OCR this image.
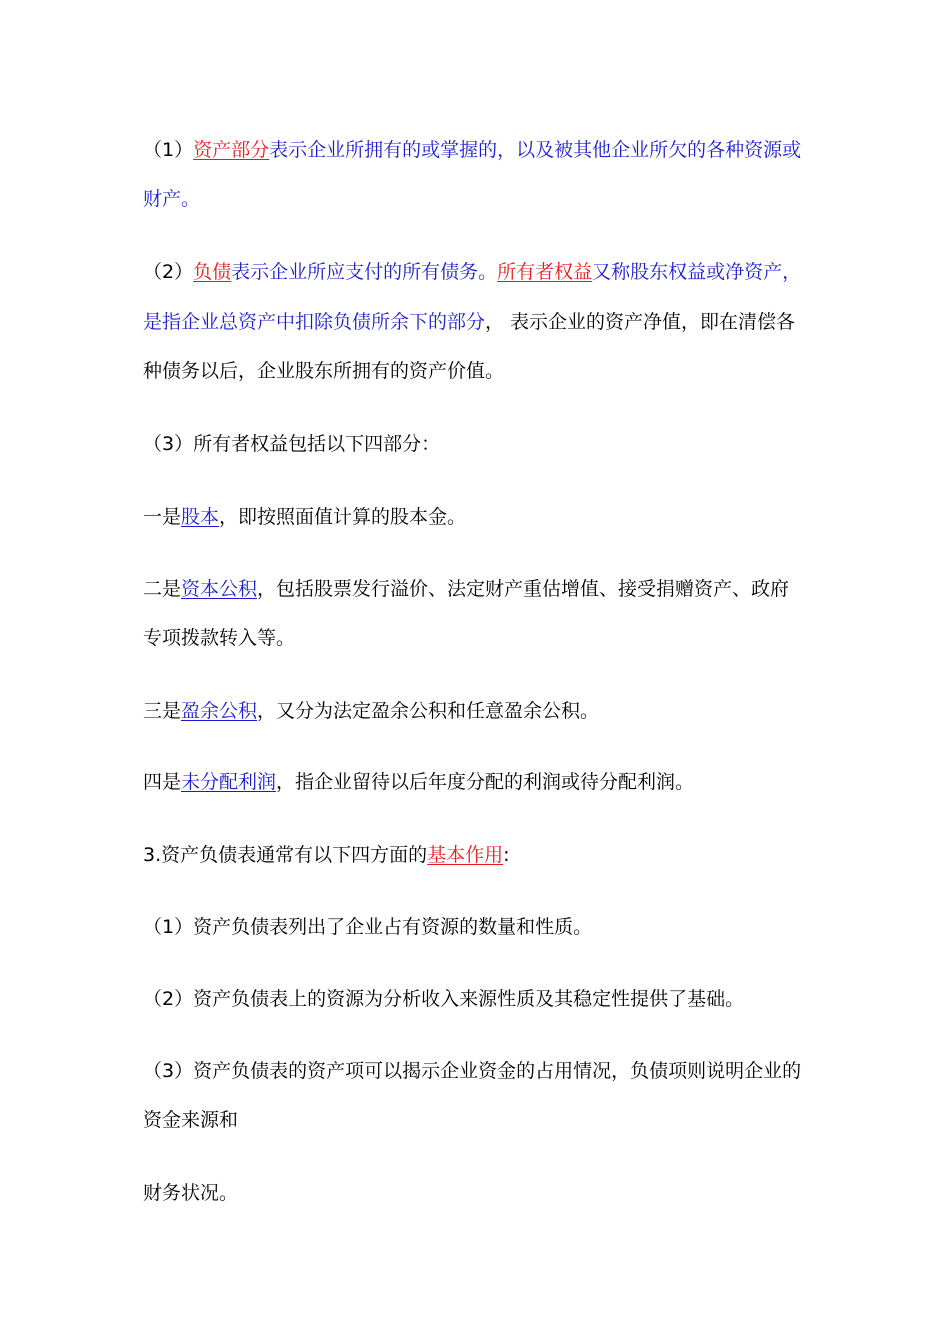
（1）资产部分表示企业所拥有的或掌握的，以及被其他企业所欠的各种资源或
财产。
（2）负债表示企业所应支付的所有债务。所有者权益又称股东权益或净资产，
是指企业总资产中扣除负债所余下的部分， 表示企业的资产净值，即在清偿各
种债务以后，企业股东所拥有的资产价值。
（3）所有者权益包括以下四部分：
一是股本，即按照面值计算的股本金。
二是资本公积，包括股票发行溢价、法定财产重估增值、接受捐赠资产、政府
专项拨款转入等。
三是盈余公积，又分为法定盈余公积和任意盈余公积。
四是未分配利润，指企业留待以后年度分配的利润或待分配利润。
3.资产负债表通常有以下四方面的基本作用:
（1）资产负债表列出了企业占有资源的数量和性质。
（2）资产负债表上的资源为分析收入来源性质及其稳定性提供了基础。
（3）资产负债表的资产项可以揭示企业资金的占用情况，负债项则说明企业的
资金来源和
财务状况。
